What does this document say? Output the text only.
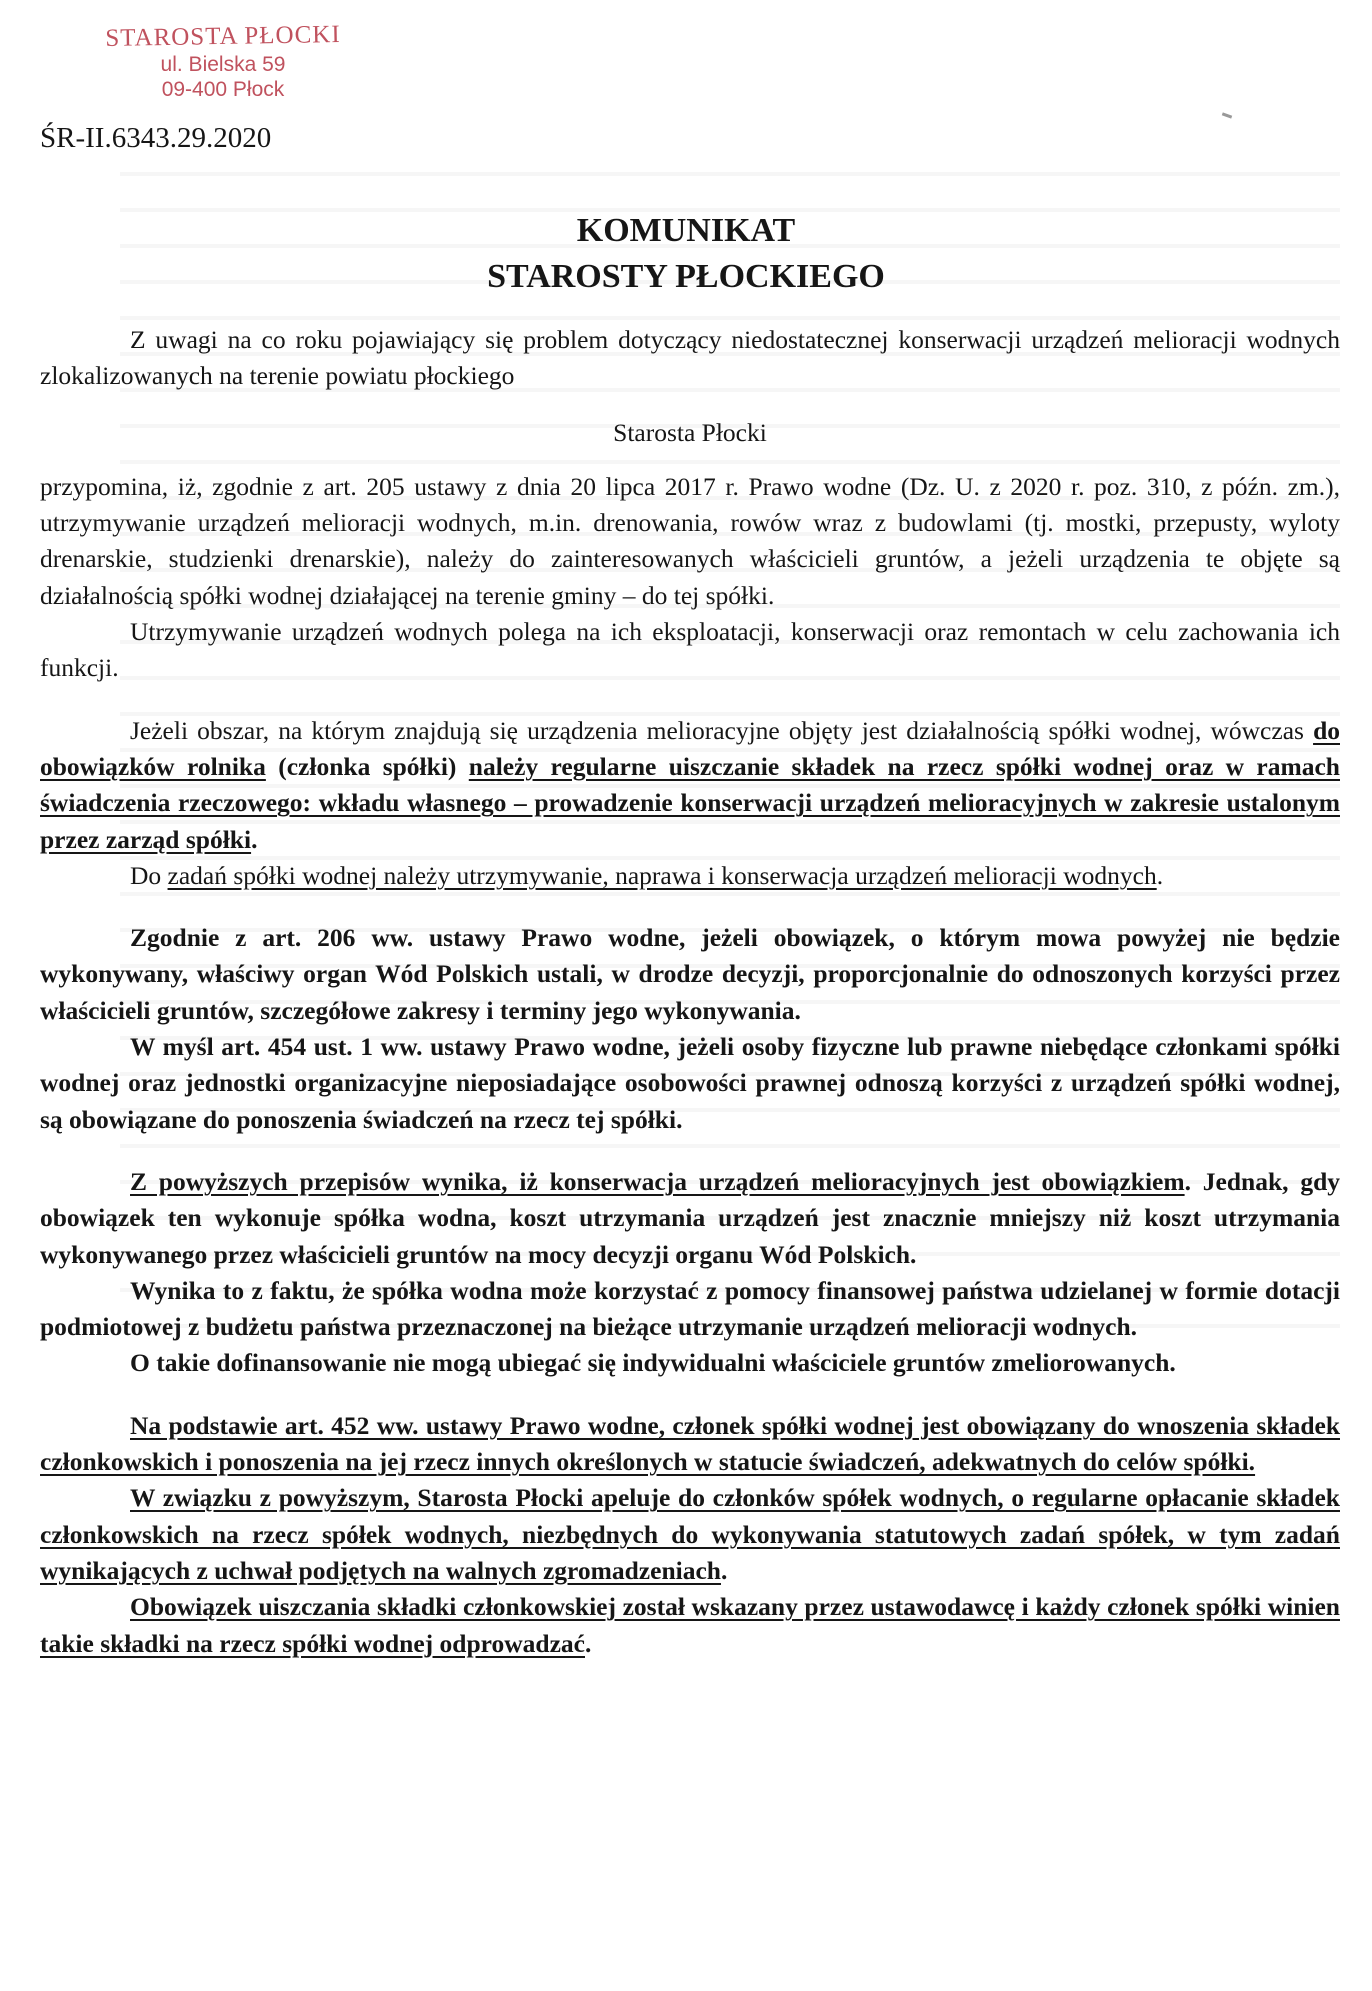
STAROSTA PŁOCKI
ul. Bielska 59
09-400 Płock
ŚR-II.6343.29.2020
KOMUNIKAT
STAROSTY PŁOCKIEGO

Z uwagi na co roku pojawiający się problem dotyczący niedostatecznej konserwacji urządzeń melioracji wodnych zlokalizowanych na terenie powiatu płockiego

Starosta Płocki

przypomina, iż, zgodnie z art. 205 ustawy z dnia 20 lipca 2017 r. Prawo wodne (Dz. U. z 2020 r. poz. 310, z późn. zm.), utrzymywanie urządzeń melioracji wodnych, m.in. drenowania, rowów wraz z budowlami (tj. mostki, przepusty, wyloty drenarskie, studzienki drenarskie), należy do zainteresowanych właścicieli gruntów, a jeżeli urządzenia te objęte są działalnością spółki wodnej działającej na terenie gminy – do tej spółki.

Utrzymywanie urządzeń wodnych polega na ich eksploatacji, konserwacji oraz remontach w celu zachowania ich funkcji.

Jeżeli obszar, na którym znajdują się urządzenia melioracyjne objęty jest działalnością spółki wodnej, wówczas do obowiązków rolnika (członka spółki) należy regularne uiszczanie składek na rzecz spółki wodnej oraz w ramach świadczenia rzeczowego: wkładu własnego – prowadzenie konserwacji urządzeń melioracyjnych w zakresie ustalonym przez zarząd spółki.

Do zadań spółki wodnej należy utrzymywanie, naprawa i konserwacja urządzeń melioracji wodnych.

Zgodnie z art. 206 ww. ustawy Prawo wodne, jeżeli obowiązek, o którym mowa powyżej nie będzie wykonywany, właściwy organ Wód Polskich ustali, w drodze decyzji, proporcjonalnie do odnoszonych korzyści przez właścicieli gruntów, szczegółowe zakresy i terminy jego wykonywania.

W myśl art. 454 ust. 1 ww. ustawy Prawo wodne, jeżeli osoby fizyczne lub prawne niebędące członkami spółki wodnej oraz jednostki organizacyjne nieposiadające osobowości prawnej odnoszą korzyści z urządzeń spółki wodnej, są obowiązane do ponoszenia świadczeń na rzecz tej spółki.

Z powyższych przepisów wynika, iż konserwacja urządzeń melioracyjnych jest obowiązkiem. Jednak, gdy obowiązek ten wykonuje spółka wodna, koszt utrzymania urządzeń jest znacznie mniejszy niż koszt utrzymania wykonywanego przez właścicieli gruntów na mocy decyzji organu Wód Polskich.

Wynika to z faktu, że spółka wodna może korzystać z pomocy finansowej państwa udzielanej w formie dotacji podmiotowej z budżetu państwa przeznaczonej na bieżące utrzymanie urządzeń melioracji wodnych.

O takie dofinansowanie nie mogą ubiegać się indywidualni właściciele gruntów zmeliorowanych.

Na podstawie art. 452 ww. ustawy Prawo wodne, członek spółki wodnej jest obowiązany do wnoszenia składek członkowskich i ponoszenia na jej rzecz innych określonych w statucie świadczeń, adekwatnych do celów spółki.

W związku z powyższym, Starosta Płocki apeluje do członków spółek wodnych, o regularne opłacanie składek członkowskich na rzecz spółek wodnych, niezbędnych do wykonywania statutowych zadań spółek, w tym zadań wynikających z uchwał podjętych na walnych zgromadzeniach.

Obowiązek uiszczania składki członkowskiej został wskazany przez ustawodawcę i każdy członek spółki winien takie składki na rzecz spółki wodnej odprowadzać.
